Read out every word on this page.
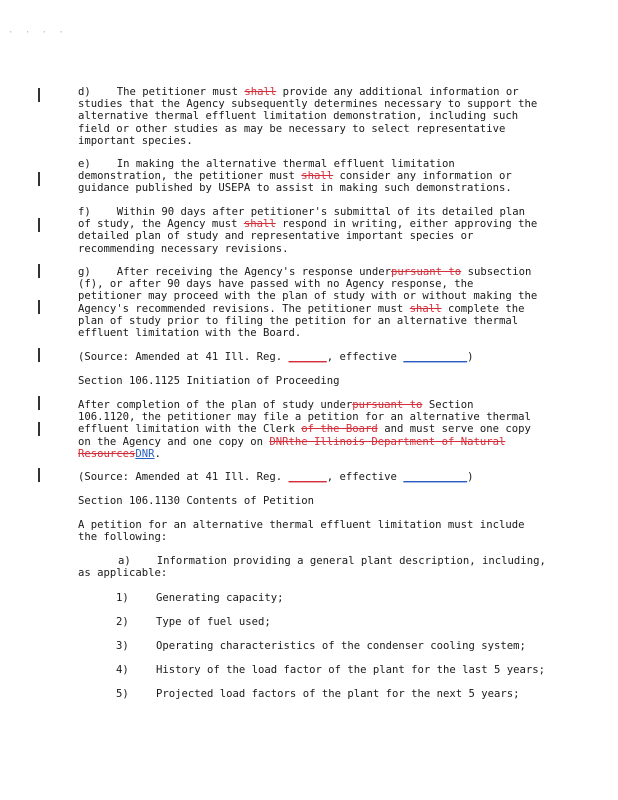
· · · ·
d) The petitioner must shall provide any additional information or
studies that the Agency subsequently determines necessary to support the
alternative thermal effluent limitation demonstration, including such
field or other studies as may be necessary to select representative
important species.
e) In making the alternative thermal effluent limitation
demonstration, the petitioner must shall consider any information or
guidance published by USEPA to assist in making such demonstrations.
f) Within 90 days after petitioner's submittal of its detailed plan
of study, the Agency must shall respond in writing, either approving the
detailed plan of study and representative important species or
recommending necessary revisions.
g) After receiving the Agency's response underpursuant to subsection
(f), or after 90 days have passed with no Agency response, the
petitioner may proceed with the plan of study with or without making the
Agency's recommended revisions. The petitioner must shall complete the
plan of study prior to filing the petition for an alternative thermal
effluent limitation with the Board.
(Source: Amended at 41 Ill. Reg. ______, effective __________)
Section 106.1125 Initiation of Proceeding
After completion of the plan of study underpursuant to Section
106.1120, the petitioner may file a petition for an alternative thermal
effluent limitation with the Clerk of the Board and must serve one copy
on the Agency and one copy on DNRthe Illinois Department of Natural
ResourcesDNR.
(Source: Amended at 41 Ill. Reg. ______, effective __________)
Section 106.1130 Contents of Petition
A petition for an alternative thermal effluent limitation must include
the following:
a) Information providing a general plant description, including,
as applicable:
1)	Generating capacity;
2)	Type of fuel used;
3)	Operating characteristics of the condenser cooling system;
4)	History of the load factor of the plant for the last 5 years;
5)	Projected load factors of the plant for the next 5 years;
